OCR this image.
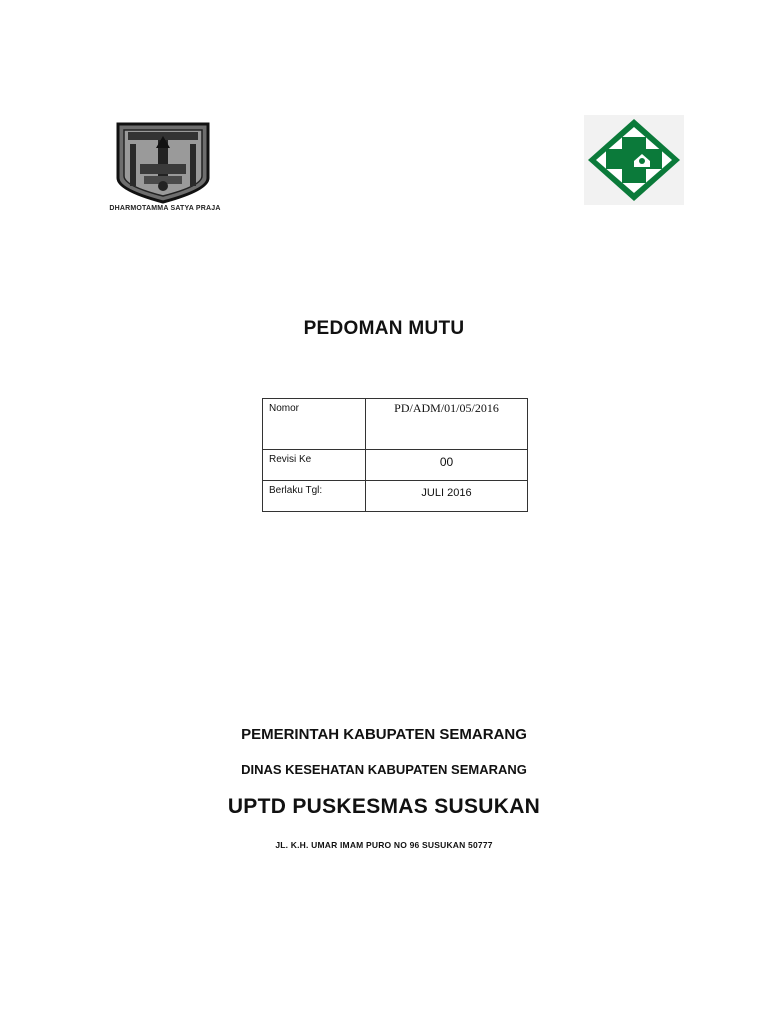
DHARMOTAMMA SATYA PRAJA
PEDOMAN MUTU
Nomor	PD/ADM/01/05/2016
Revisi Ke	00

Berlaku Tgl:	JULI 2016
PEMERINTAH KABUPATEN SEMARANG
DINAS KESEHATAN KABUPATEN SEMARANG
UPTD PUSKESMAS SUSUKAN
JL. K.H. UMAR IMAM PURO NO 96 SUSUKAN 50777
